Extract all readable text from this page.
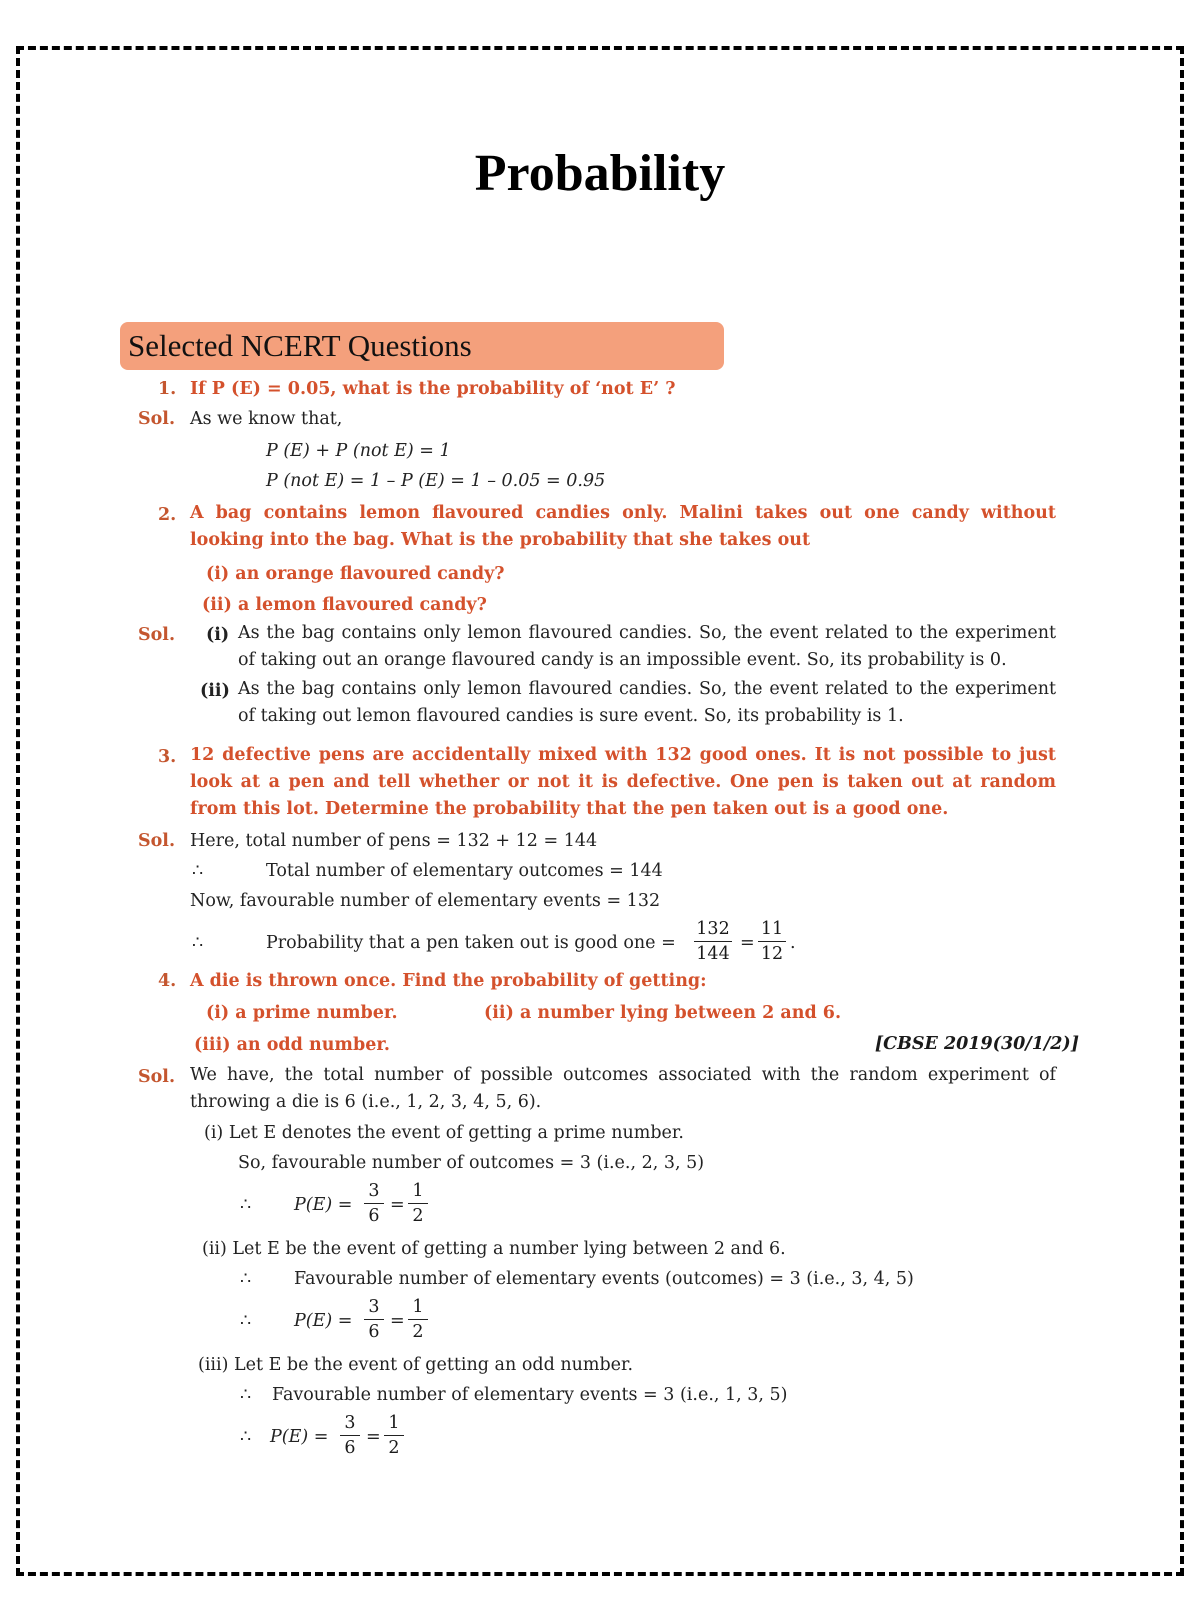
Probability
Selected NCERT Questions
1. If P (E) = 0.05, what is the probability of ‘not E’ ?
Sol. As we know that,
P (E) + P (not E) = 1
P (not E) = 1 – P (E) = 1 – 0.05 = 0.95
2. A bag contains lemon flavoured candies only. Malini takes out one candy without looking into the bag. What is the probability that she takes out
(i) an orange flavoured candy?
(ii) a lemon flavoured candy?
Sol. (i) As the bag contains only lemon flavoured candies. So, the event related to the experiment of taking out an orange flavoured candy is an impossible event. So, its probability is 0.
(ii) As the bag contains only lemon flavoured candies. So, the event related to the experiment of taking out lemon flavoured candies is sure event. So, its probability is 1.
3. 12 defective pens are accidentally mixed with 132 good ones. It is not possible to just look at a pen and tell whether or not it is defective. One pen is taken out at random from this lot. Determine the probability that the pen taken out is a good one.
Sol. Here, total number of pens = 132 + 12 = 144
∴	Total number of elementary outcomes = 144
Now, favourable number of elementary events = 132
∴	Probability that a pen taken out is good one =
132
144
=
11
12
.
4. A die is thrown once. Find the probability of getting:
(i) a prime number.	(ii) a number lying between 2 and 6.
(iii) an odd number.	[CBSE 2019(30/1/2)]
Sol. We have, the total number of possible outcomes associated with the random experiment of throwing a die is 6 (i.e., 1, 2, 3, 4, 5, 6).
(i) Let E denotes the event of getting a prime number.
So, favourable number of outcomes = 3 (i.e., 2, 3, 5)
∴ P(E) =
3
6
=
1
2
(ii) Let E be the event of getting a number lying between 2 and 6.
∴ Favourable number of elementary events (outcomes) = 3 (i.e., 3, 4, 5)
∴ P(E) =
3
6
=
1
2
(iii) Let E be the event of getting an odd number.
∴ Favourable number of elementary events = 3 (i.e., 1, 3, 5)
∴ P(E) =
3
6
=
1
2
